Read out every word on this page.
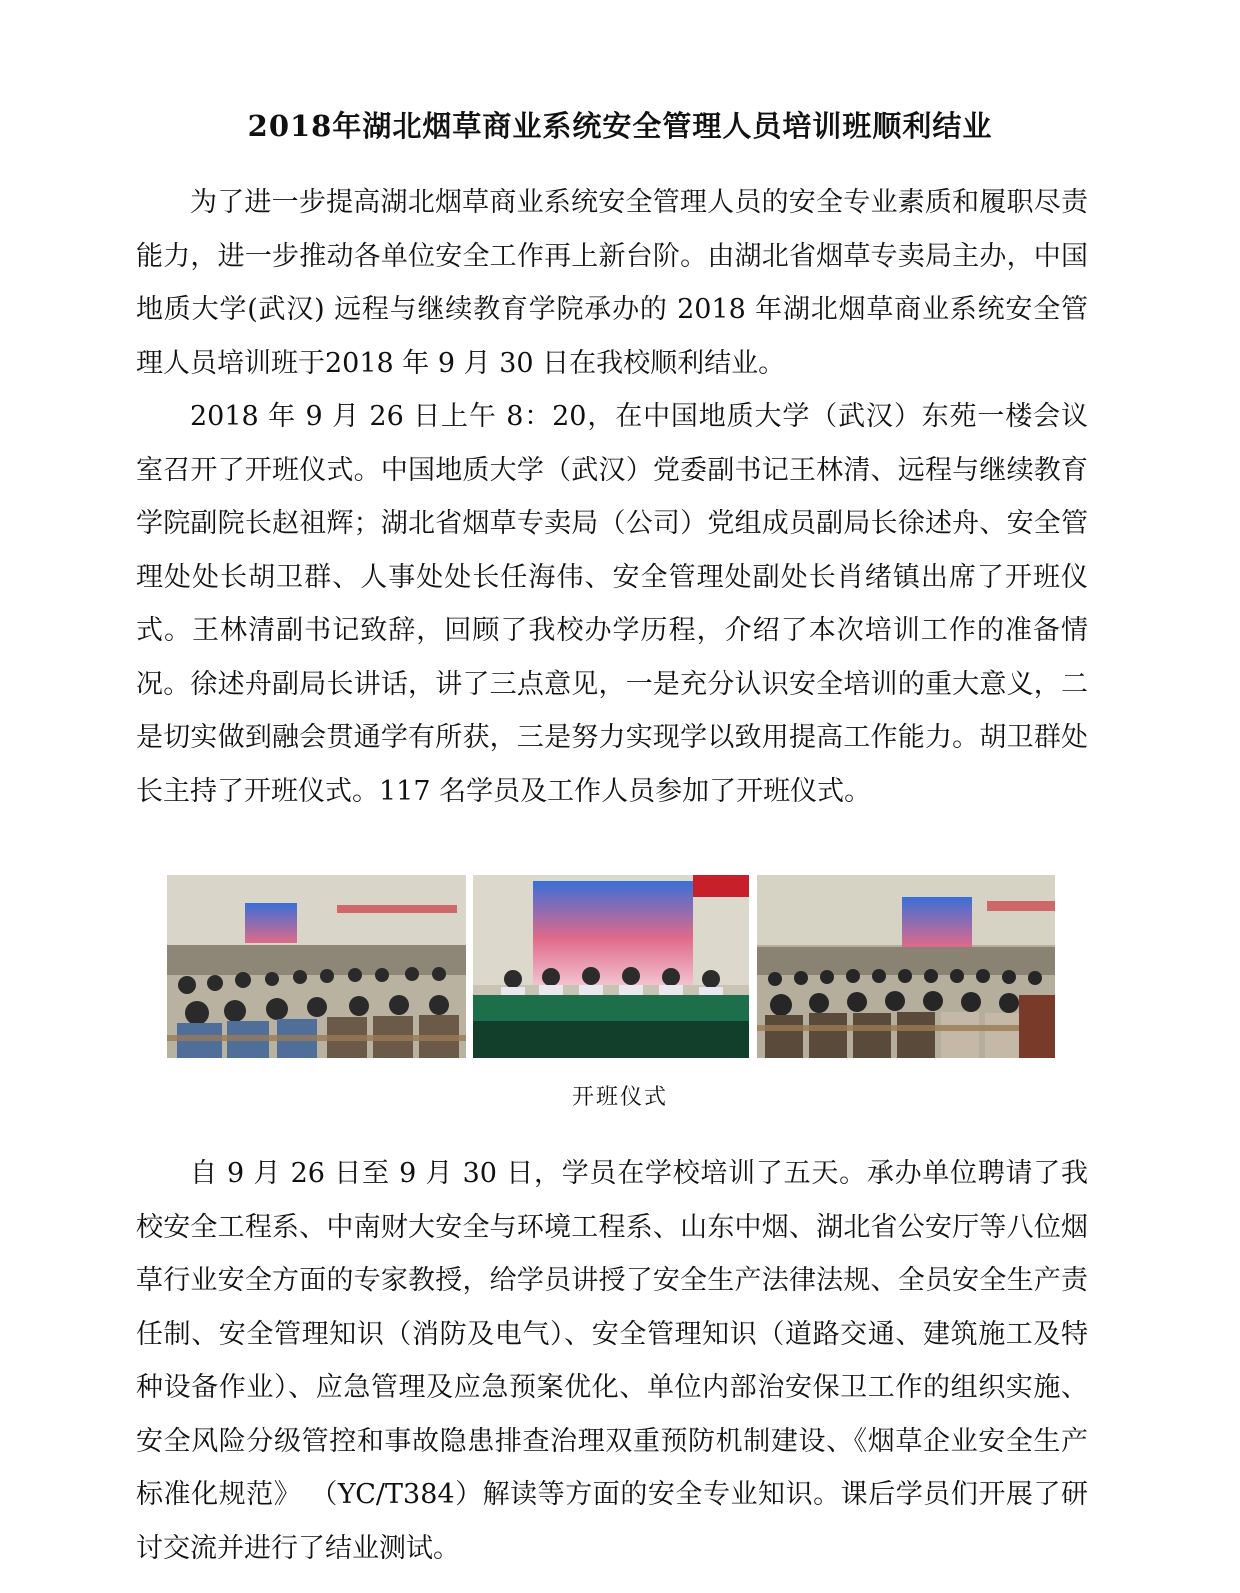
2018年湖北烟草商业系统安全管理人员培训班顺利结业

为了进一步提高湖北烟草商业系统安全管理人员的安全专业素质和履职尽责能力，进一步推动各单位安全工作再上新台阶。由湖北省烟草专卖局主办，中国地质大学(武汉) 远程与继续教育学院承办的 2018 年湖北烟草商业系统安全管理人员培训班于2018 年 9 月 30 日在我校顺利结业。

2018 年 9 月 26 日上午 8：20，在中国地质大学（武汉）东苑一楼会议室召开了开班仪式。中国地质大学（武汉）党委副书记王林清、远程与继续教育学院副院长赵祖辉；湖北省烟草专卖局（公司）党组成员副局长徐述舟、安全管理处处长胡卫群、人事处处长任海伟、安全管理处副处长肖绪镇出席了开班仪式。王林清副书记致辞，回顾了我校办学历程，介绍了本次培训工作的准备情况。徐述舟副局长讲话，讲了三点意见，一是充分认识安全培训的重大意义，二是切实做到融会贯通学有所获，三是努力实现学以致用提高工作能力。胡卫群处长主持了开班仪式。117 名学员及工作人员参加了开班仪式。

开班仪式

自 9 月 26 日至 9 月 30 日，学员在学校培训了五天。承办单位聘请了我校安全工程系、中南财大安全与环境工程系、山东中烟、湖北省公安厅等八位烟草行业安全方面的专家教授，给学员讲授了安全生产法律法规、全员安全生产责任制、安全管理知识（消防及电气）、安全管理知识（道路交通、建筑施工及特种设备作业）、应急管理及应急预案优化、单位内部治安保卫工作的组织实施、安全风险分级管控和事故隐患排查治理双重预防机制建设、《烟草企业安全生产标准化规范》 （YC/T384）解读等方面的安全专业知识。课后学员们开展了研讨交流并进行了结业测试。
